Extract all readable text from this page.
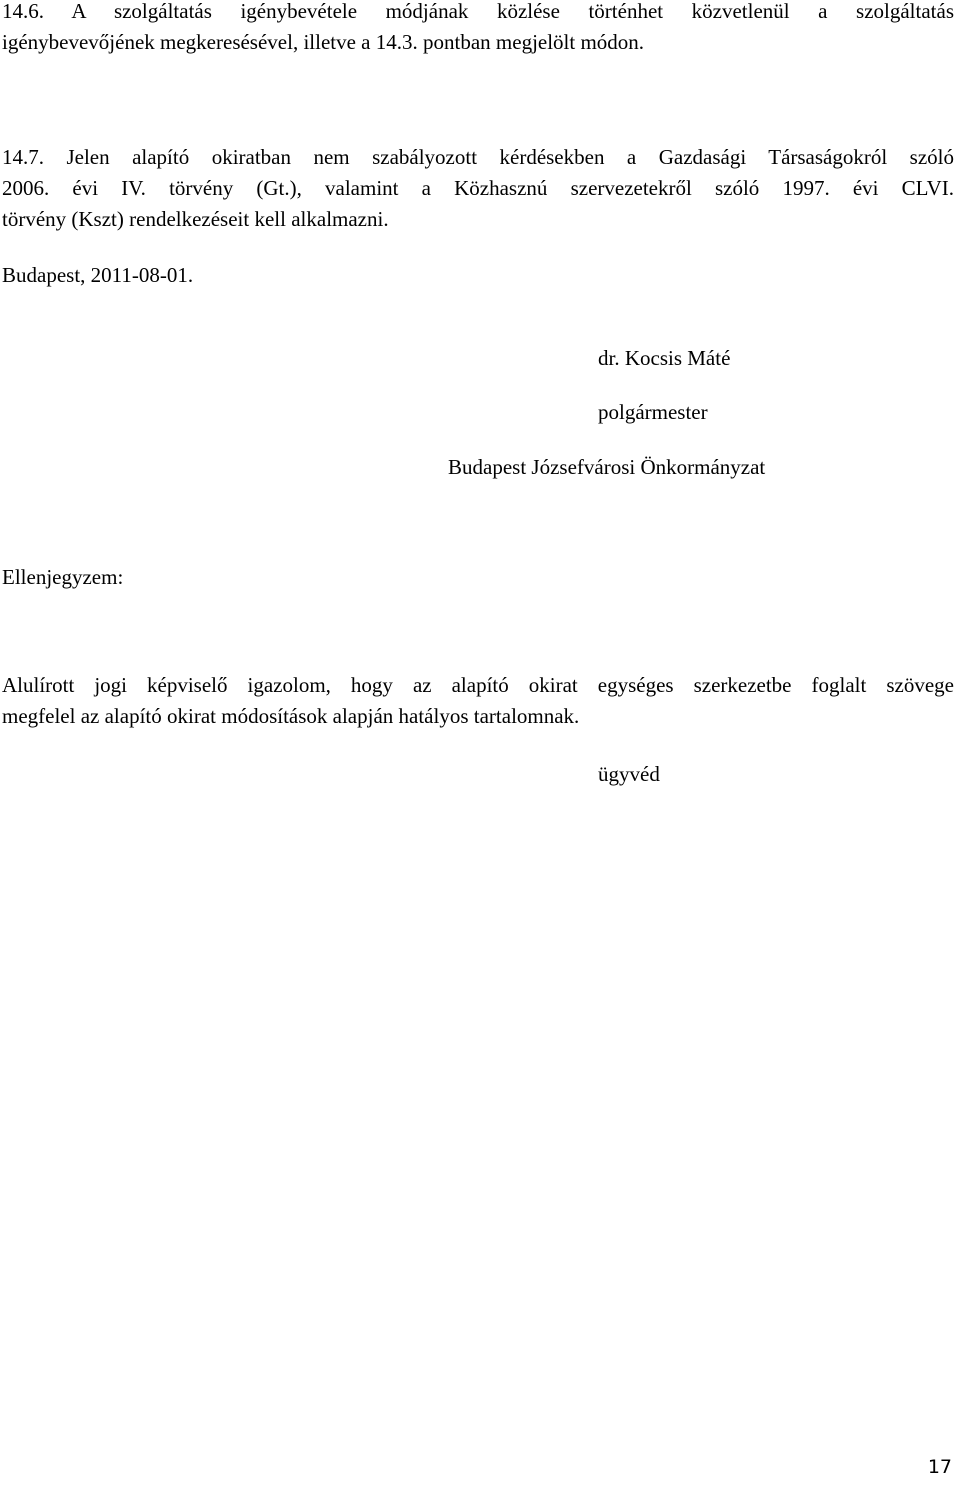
14.6. A szolgáltatás igénybevétele módjának közlése történhet közvetlenül a szolgáltatás
igénybevevőjének megkeresésével, illetve a 14.3. pontban megjelölt módon.

14.7. Jelen alapító okiratban nem szabályozott kérdésekben a Gazdasági Társaságokról szóló
2006. évi IV. törvény (Gt.), valamint a Közhasznú szervezetekről szóló 1997. évi CLVI.
törvény (Kszt) rendelkezéseit kell alkalmazni.

Budapest, 2011-08-01.

dr. Kocsis Máté

polgármester

Budapest Józsefvárosi Önkormányzat

Ellenjegyzem:

Alulírott jogi képviselő igazolom, hogy az alapító okirat egységes szerkezetbe foglalt szövege
megfelel az alapító okirat módosítások alapján hatályos tartalomnak.

ügyvéd

17
